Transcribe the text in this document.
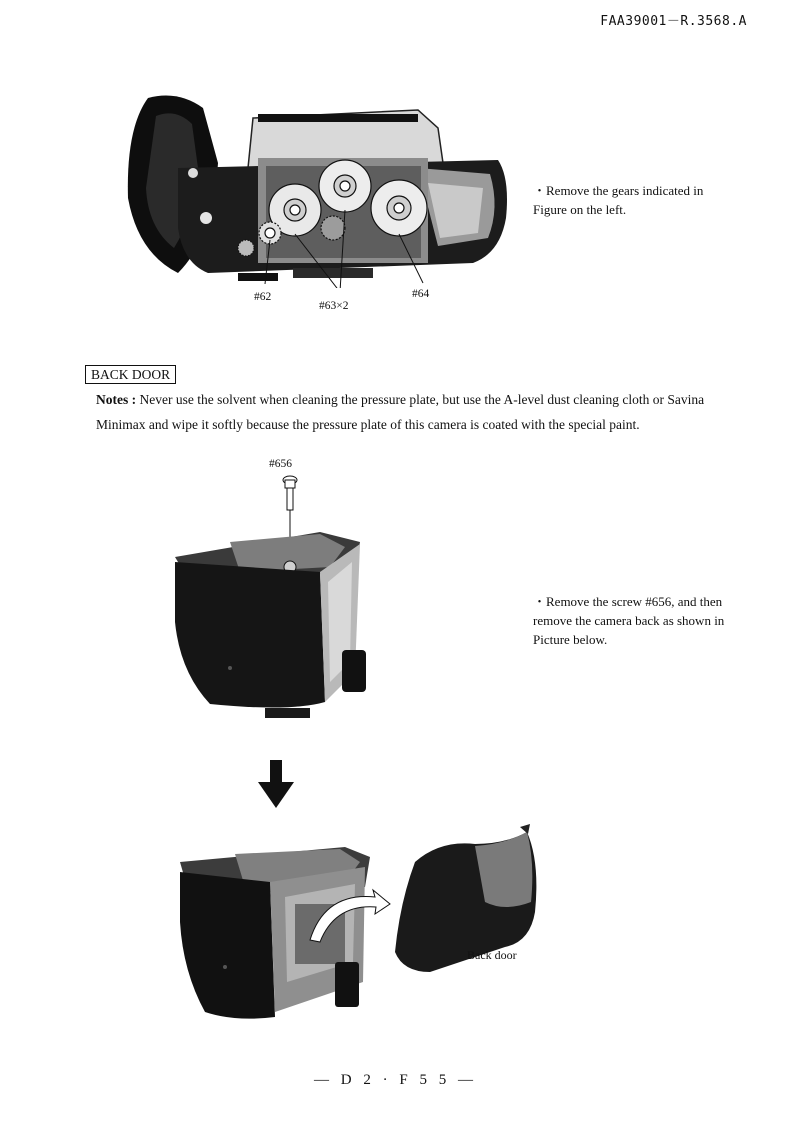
FAA39001－R.3568.A
#62
#63×2
#64
・Remove the gears indicated in Figure on the left.
BACK DOOR
Notes : Never use the solvent when cleaning the pressure plate, but use the A-level dust cleaning cloth or Savina Minimax and wipe it softly because the pressure plate of this camera is coated with the special paint.
#656
・Remove the screw #656, and then remove the camera back as shown in Picture below.
Back door
— D 2 · F 5 5 —
